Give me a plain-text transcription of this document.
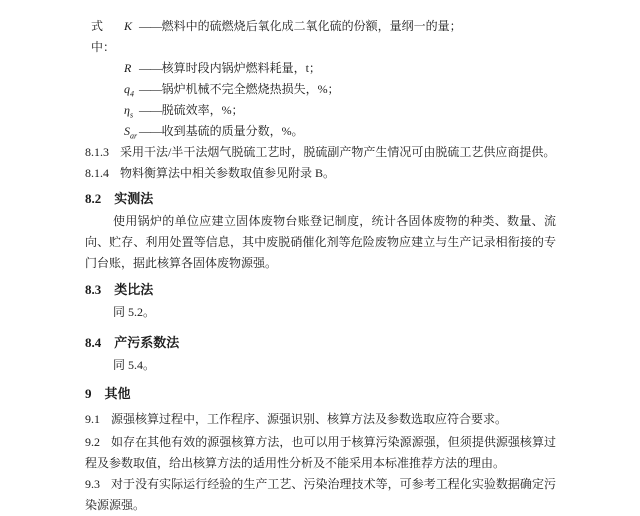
式中：
K —— 燃料中的硫燃烧后氧化成二氧化硫的份额，量纲一的量；
R —— 核算时段内锅炉燃料耗量，t；
$q_4$ —— 锅炉机械不完全燃烧热损失，%；
$\eta_s$ —— 脱硫效率，%；
$S_{ar}$ —— 收到基硫的质量分数，%。

8.1.3 采用干法/半干法烟气脱硫工艺时，脱硫副产物产生情况可由脱硫工艺供应商提供。

8.1.4 物料衡算法中相关参数取值参见附录 B。

8.2 实测法

使用锅炉的单位应建立固体废物台账登记制度，统计各固体废物的种类、数量、流向、贮存、利用处置等信息，其中废脱硝催化剂等危险废物应建立与生产记录相衔接的专门台账，据此核算各固体废物源强。

8.3 类比法

同 5.2。

8.4 产污系数法

同 5.4。

9 其他

9.1 源强核算过程中，工作程序、源强识别、核算方法及参数选取应符合要求。

9.2 如存在其他有效的源强核算方法，也可以用于核算污染源源强，但须提供源强核算过程及参数取值，给出核算方法的适用性分析及不能采用本标准推荐方法的理由。

9.3 对于没有实际运行经验的生产工艺、污染治理技术等，可参考工程化实验数据确定污染源源强。
